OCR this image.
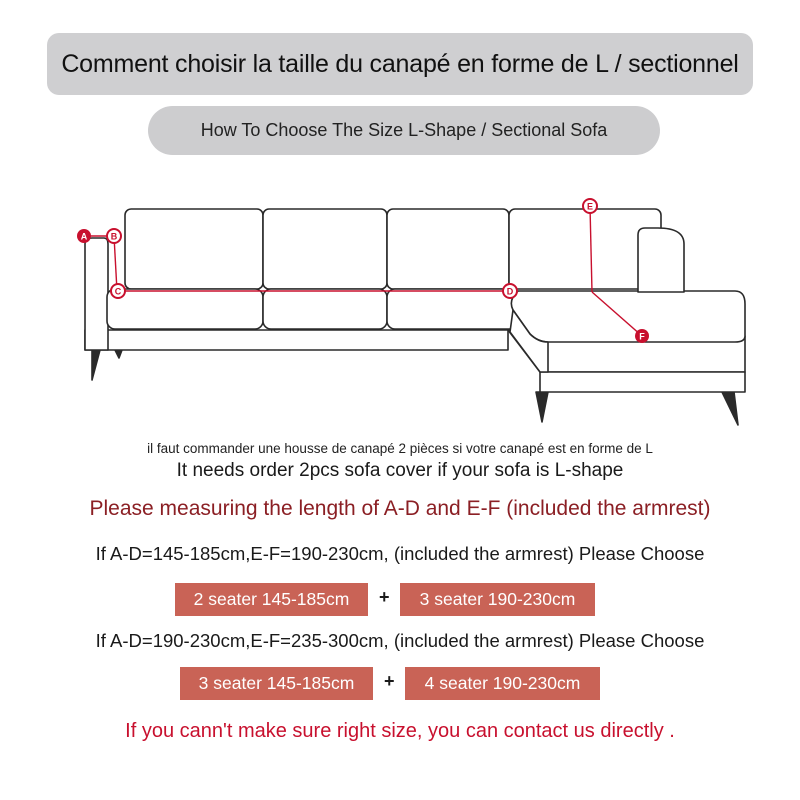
Comment choisir la taille du canapé en forme de L / sectionnel
How To Choose The Size L-Shape / Sectional Sofa
A	B
C	D
E
F
il faut commander une housse de canapé 2 pièces si votre canapé est en forme de L
It needs order 2pcs sofa cover if your sofa is L-shape
Please measuring the length of A-D and E-F (included the armrest)
If A-D=145-185cm,E-F=190-230cm, (included the armrest) Please Choose
2 seater 145-185cm	+	3 seater 190-230cm
If A-D=190-230cm,E-F=235-300cm, (included the armrest) Please Choose
3 seater 145-185cm	+	4 seater 190-230cm
If you cann't make sure right size, you can contact us directly .
